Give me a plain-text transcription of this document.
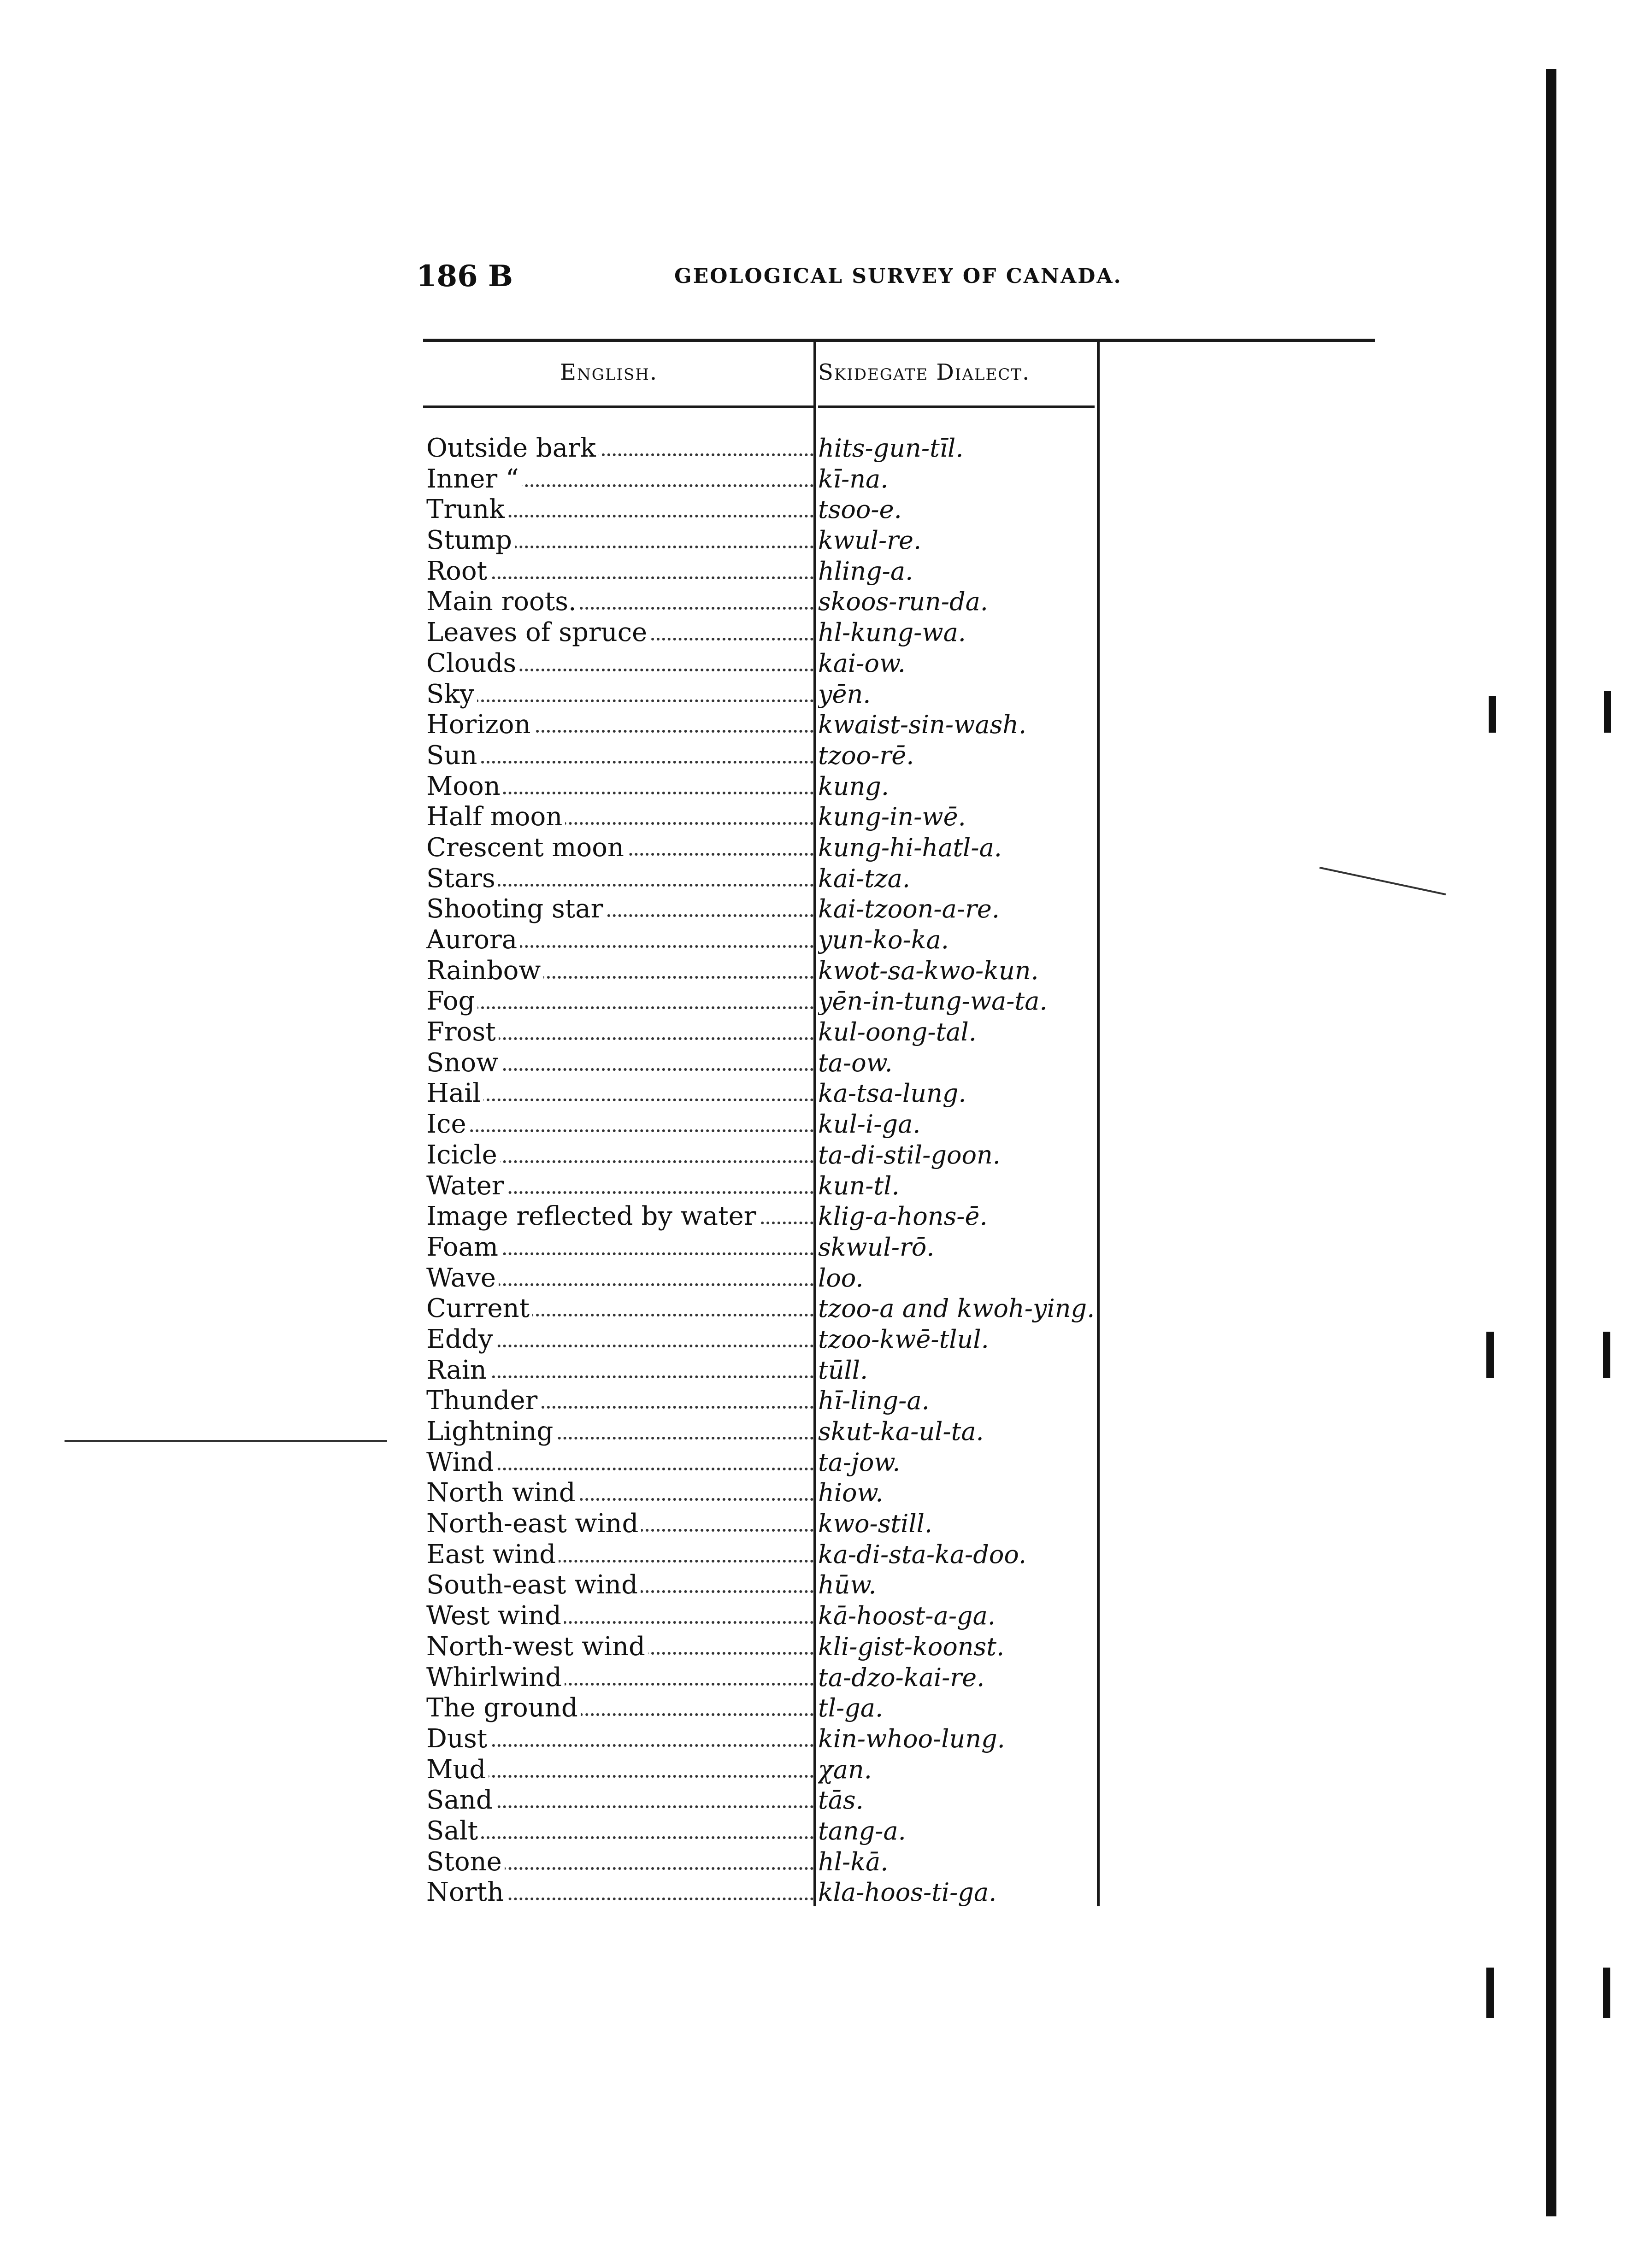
186 B	GEOLOGICAL SURVEY OF CANADA.
English.	Skidegate Dialect.
Outside bark	hits-gun-tīl.
Inner “	kī-na.
Trunk	tsoo-e.
Stump	kwul-re.
Root	hling-a.
Main roots.	skoos-run-da.
Leaves of spruce	hl-kung-wa.
Clouds	kai-ow.
Sky	yēn.
Horizon	kwaist-sin-wash.
Sun	tzoo-rē.
Moon	kung.
Half moon	kung-in-wē.
Crescent moon	kung-hi-hatl-a.
Stars	kai-tza.
Shooting star	kai-tzoon-a-re.
Aurora	yun-ko-ka.
Rainbow	kwot-sa-kwo-kun.
Fog	yēn-in-tung-wa-ta.
Frost	kul-oong-tal.
Snow	ta-ow.
Hail	ka-tsa-lung.
Ice	kul-i-ga.
Icicle	ta-di-stil-goon.
Water	kun-tl.
Image reflected by water	klig-a-hons-ē.
Foam	skwul-rō.
Wave	loo.
Current	tzoo-a and kwoh-ying.
Eddy	tzoo-kwē-tlul.
Rain	tūll.
Thunder	hī-ling-a.
Lightning	skut-ka-ul-ta.
Wind	ta-jow.
North wind	hiow.
North-east wind	kwo-still.
East wind	ka-di-sta-ka-doo.
South-east wind	hūw.
West wind	kā-hoost-a-ga.
North-west wind	kli-gist-koonst.
Whirlwind	ta-dzo-kai-re.
The ground	tl-ga.
Dust	kin-whoo-lung.
Mud	χan.
Sand	tās.
Salt	tang-a.
Stone	hl-kā.
North	kla-hoos-ti-ga.
